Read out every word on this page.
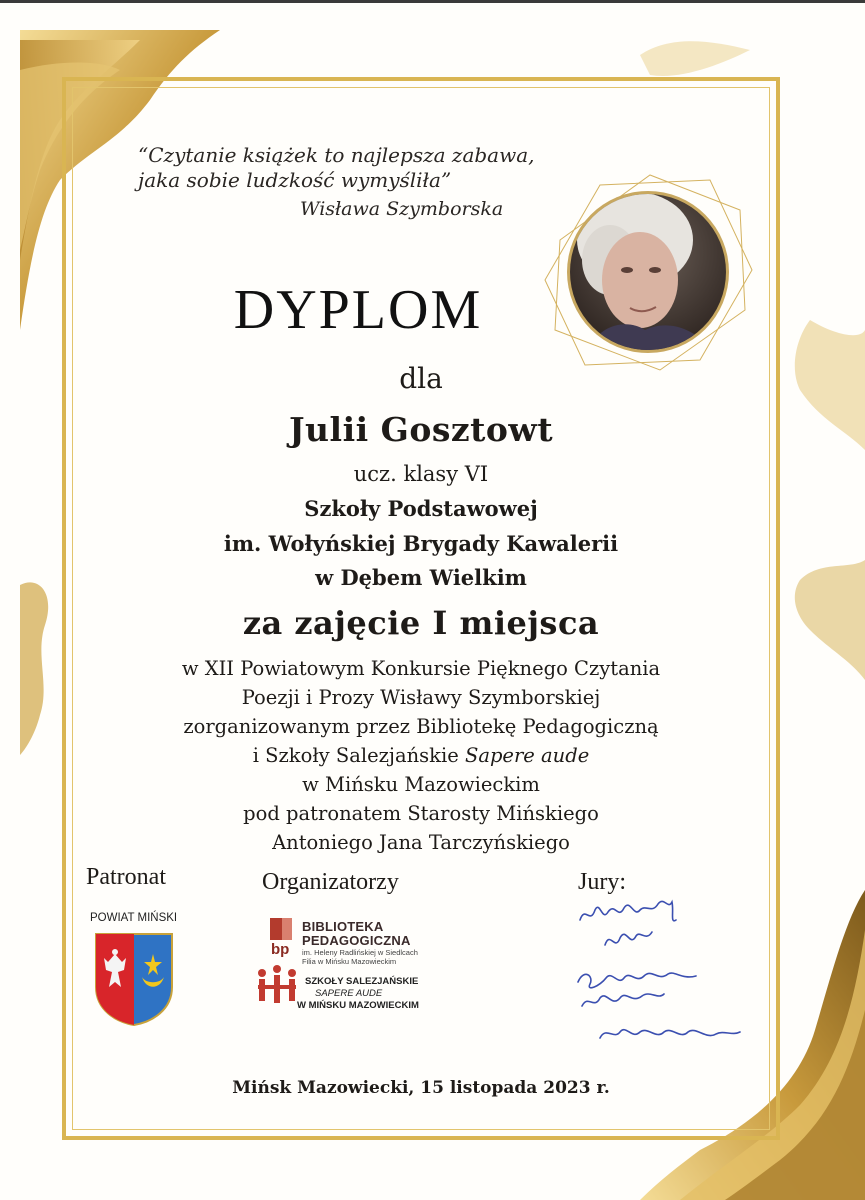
“Czytanie książek to najlepsza zabawa,
jaka sobie ludzkość wymyśliła”
Wisława Szymborska
DYPLOM
dla
Julii Gosztowt
ucz. klasy VI
Szkoły Podstawowej
im. Wołyńskiej Brygady Kawalerii
w Dębem Wielkim
za zajęcie I miejsca
w XII Powiatowym Konkursie Pięknego Czytania
Poezji i Prozy Wisławy Szymborskiej
zorganizowanym przez Bibliotekę Pedagogiczną
i Szkoły Salezjańskie Sapere aude
w Mińsku Mazowieckim
pod patronatem Starosty Mińskiego
Antoniego Jana Tarczyńskiego
Patronat	Organizatorzy	Jury:
POWIAT MIŃSKI
bp
BIBLIOTEKA
PEDAGOGICZNA
im. Heleny Radlińskiej w Siedlcach
Filia w Mińsku Mazowieckim
SZKOŁY SALEZJAŃSKIE
SAPERE AUDE
W MIŃSKU MAZOWIECKIM
Mińsk Mazowiecki, 15 listopada 2023 r.
